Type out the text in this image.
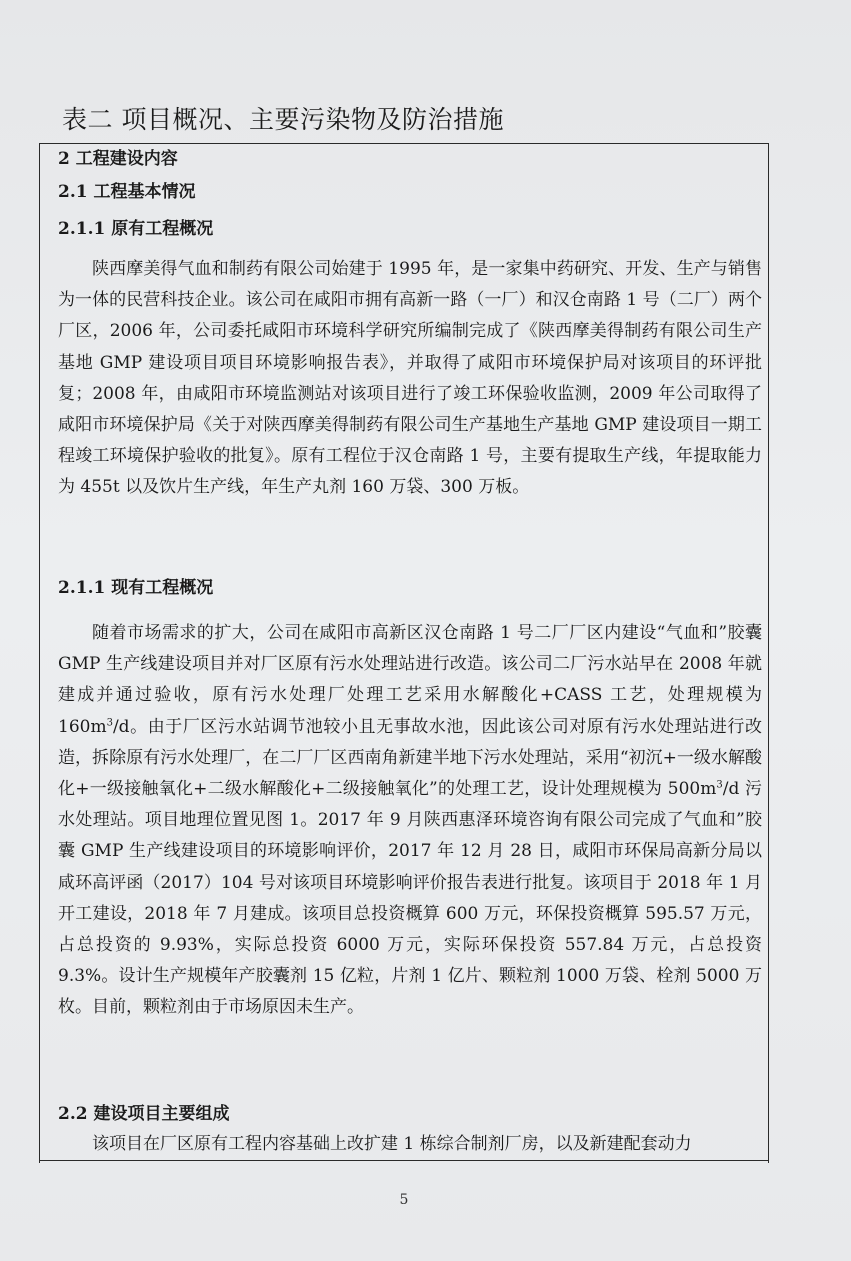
表二 项目概况、主要污染物及防治措施
2 工程建设内容
2.1 工程基本情况
2.1.1 原有工程概况

陕西摩美得气血和制药有限公司始建于 1995 年，是一家集中药研究、开发、生产与销售为一体的民营科技企业。该公司在咸阳市拥有高新一路（一厂）和汉仓南路 1 号（二厂）两个厂区，2006 年，公司委托咸阳市环境科学研究所编制完成了《陕西摩美得制药有限公司生产基地 GMP 建设项目项目环境影响报告表》，并取得了咸阳市环境保护局对该项目的环评批复；2008 年，由咸阳市环境监测站对该项目进行了竣工环保验收监测，2009 年公司取得了咸阳市环境保护局《关于对陕西摩美得制药有限公司生产基地生产基地 GMP 建设项目一期工程竣工环境保护验收的批复》。原有工程位于汉仓南路 1 号，主要有提取生产线，年提取能力为 455t 以及饮片生产线，年生产丸剂 160 万袋、300 万板。

2.1.1 现有工程概况

随着市场需求的扩大，公司在咸阳市高新区汉仓南路 1 号二厂厂区内建设“气血和”胶囊 GMP 生产线建设项目并对厂区原有污水处理站进行改造。该公司二厂污水站早在 2008 年就建成并通过验收，原有污水处理厂处理工艺采用水解酸化+CASS 工艺，处理规模为 $160m^3/d$。由于厂区污水站调节池较小且无事故水池，因此该公司对原有污水处理站进行改造，拆除原有污水处理厂，在二厂厂区西南角新建半地下污水处理站，采用“初沉+一级水解酸化+一级接触氧化+二级水解酸化+二级接触氧化”的处理工艺，设计处理规模为 $500m^3/d$ 污水处理站。项目地理位置见图 1。2017 年 9 月陕西惠泽环境咨询有限公司完成了气血和”胶囊 GMP 生产线建设项目的环境影响评价，2017 年 12 月 28 日，咸阳市环保局高新分局以咸环高评函（2017）104 号对该项目环境影响评价报告表进行批复。该项目于 2018 年 1 月开工建设，2018 年 7 月建成。该项目总投资概算 600 万元，环保投资概算 595.57 万元，占总投资的 9.93%，实际总投资 6000 万元，实际环保投资 557.84 万元，占总投资 9.3%。设计生产规模年产胶囊剂 15 亿粒，片剂 1 亿片、颗粒剂 1000 万袋、栓剂 5000 万枚。目前，颗粒剂由于市场原因未生产。

2.2 建设项目主要组成

该项目在厂区原有工程内容基础上改扩建 1 栋综合制剂厂房，以及新建配套动力

5
